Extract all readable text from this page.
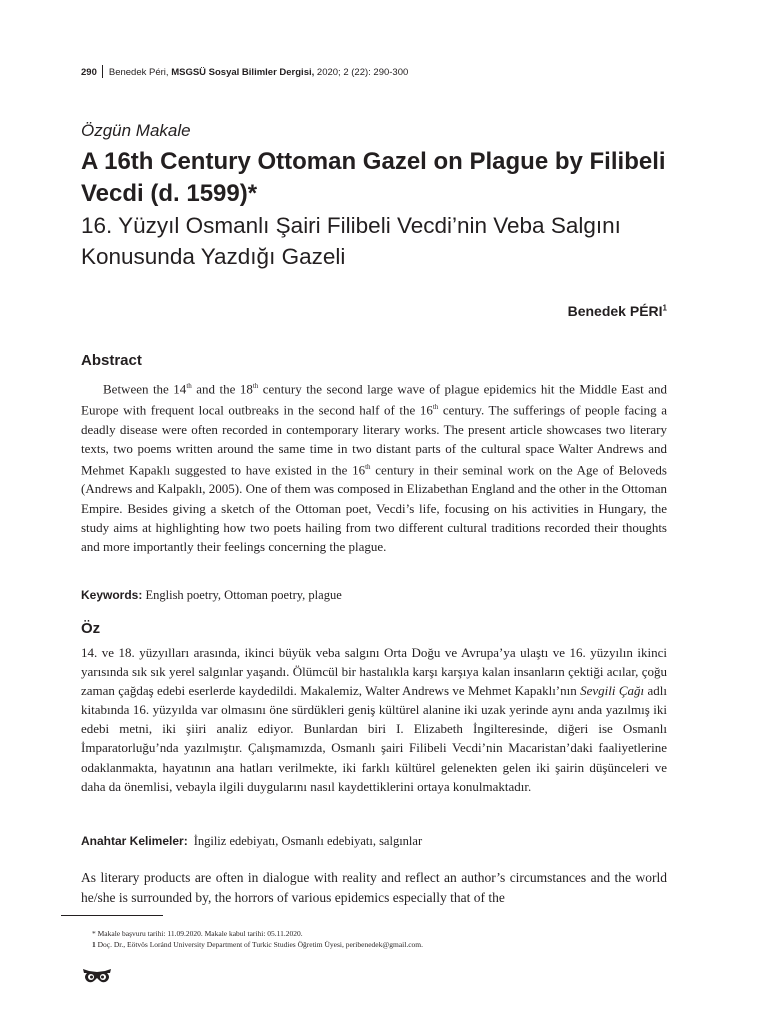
290 Benedek Péri, MSGSÜ Sosyal Bilimler Dergisi, 2020; 2 (22): 290-300
Özgün Makale
A 16th Century Ottoman Gazel on Plague by Filibeli Vecdi (d. 1599)*
16. Yüzyıl Osmanlı Şairi Filibeli Vecdi’nin Veba Salgını Konusunda Yazdığı Gazeli
Benedek PÉRI$^1$
Abstract

Between the 14th and the 18th century the second large wave of plague epidemics hit the Middle East and Europe with frequent local outbreaks in the second half of the 16th century. The sufferings of people facing a deadly disease were often recorded in contemporary literary works. The present article showcases two literary texts, two poems written around the same time in two distant parts of the cultural space Walter Andrews and Mehmet Kapaklı suggested to have existed in the 16th century in their seminal work on the Age of Beloveds (Andrews and Kalpaklı, 2005). One of them was composed in Elizabethan England and the other in the Ottoman Empire. Besides giving a sketch of the Ottoman poet, Vecdi’s life, focusing on his activities in Hungary, the study aims at highlighting how two poets hailing from two different cultural traditions recorded their thoughts and more importantly their feelings concerning the plague.

Keywords: English poetry, Ottoman poetry, plague
Öz

14. ve 18. yüzyılları arasında, ikinci büyük veba salgını Orta Doğu ve Avrupa’ya ulaştı ve 16. yüzyılın ikinci yarısında sık sık yerel salgınlar yaşandı. Ölümcül bir hastalıkla karşı karşıya kalan insanların çektiği acılar, çoğu zaman çağdaş edebi eserlerde kaydedildi. Makalemiz, Walter Andrews ve Mehmet Kapaklı’nın Sevgili Çağı adlı kitabında 16. yüzyılda var olmasını öne sürdükleri geniş kültürel alanine iki uzak yerinde aynı anda yazılmış iki edebi metni, iki şiiri analiz ediyor. Bunlardan biri I. Elizabeth İngilteresinde, diğeri ise Osmanlı İmparatorluğu’nda yazılmıştır. Çalışmamızda, Osmanlı şairi Filibeli Vecdi’nin Macaristan’daki faaliyetlerine odaklanmakta, hayatının ana hatları verilmekte, iki farklı kültürel gelenekten gelen iki şairin düşünceleri ve daha da önemlisi, vebayla ilgili duygularını nasıl kaydettiklerini ortaya konulmaktadır.

Anahtar Kelimeler: İngiliz edebiyatı, Osmanlı edebiyatı, salgınlar

As literary products are often in dialogue with reality and reflect an author’s circumstances and the world he/she is surrounded by, the horrors of various epidemics especially that of the

* Makale başvuru tarihi: 11.09.2020. Makale kabul tarihi: 05.11.2020.
1 Doç. Dr., Eötvös Loránd University Department of Turkic Studies Öğretim Üyesi, peribenedek@gmail.com.
